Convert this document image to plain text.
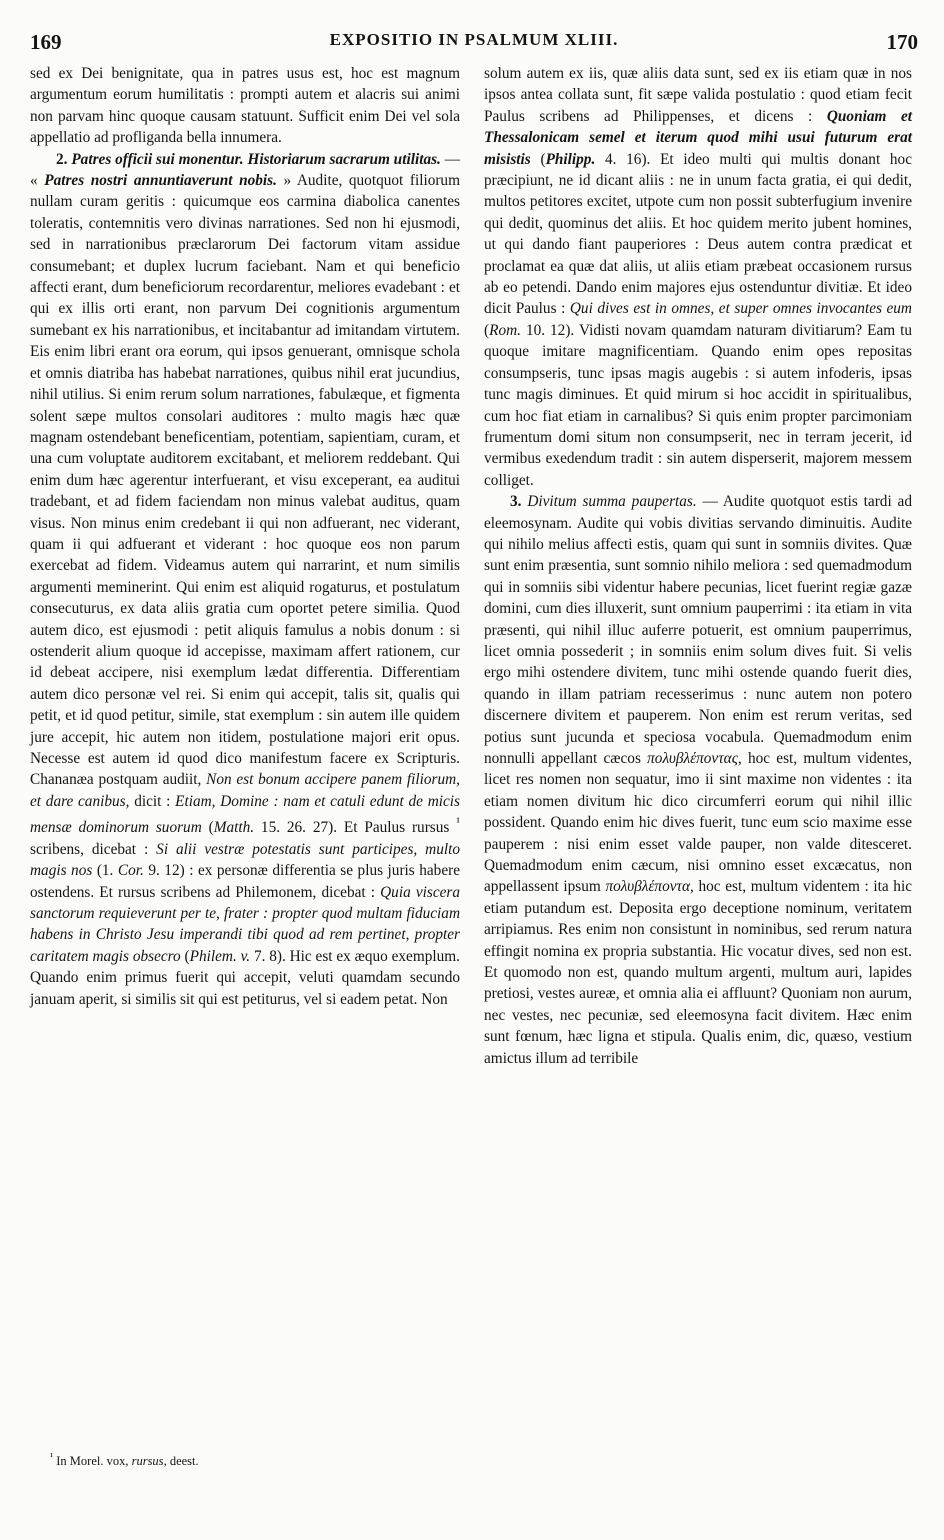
169	EXPOSITIO IN PSALMUM XLIII.	170

sed ex Dei benignitate, qua in patres usus est, hoc est magnum argumentum eorum humilitatis : prompti autem et alacris sui animi non parvam hinc quoque causam statuunt. Sufficit enim Dei vel sola appellatio ad profliganda bella innumera.

2. Patres officii sui monentur. Historiarum sacrarum utilitas. — « Patres nostri annuntiaverunt nobis. » Audite, quotquot filiorum nullam curam geritis : quicumque eos carmina diabolica canentes toleratis, contemnitis vero divinas narrationes. Sed non hi ejusmodi, sed in narrationibus præclarorum Dei factorum vitam assidue consumebant; et duplex lucrum faciebant. Nam et qui beneficio affecti erant, dum beneficiorum recordarentur, meliores evadebant : et qui ex illis orti erant, non parvum Dei cognitionis argumentum sumebant ex his narrationibus, et incitabantur ad imitandam virtutem. Eis enim libri erant ora eorum, qui ipsos genuerant, omnisque schola et omnis diatriba has habebat narrationes, quibus nihil erat jucundius, nihil utilius. Si enim rerum solum narrationes, fabulæque, et figmenta solent sæpe multos consolari auditores : multo magis hæc quæ magnam ostendebant beneficentiam, potentiam, sapientiam, curam, et una cum voluptate auditorem excitabant, et meliorem reddebant. Qui enim dum hæc agerentur interfuerant, et visu exceperant, ea auditui tradebant, et ad fidem faciendam non minus valebat auditus, quam visus. Non minus enim credebant ii qui non adfuerant, nec viderant, quam ii qui adfuerant et viderant : hoc quoque eos non parum exercebat ad fidem. Videamus autem qui narrarint, et num similis argumenti meminerint. Qui enim est aliquid rogaturus, et postulatum consecuturus, ex data aliis gratia cum oportet petere similia. Quod autem dico, est ejusmodi : petit aliquis famulus a nobis donum : si ostenderit alium quoque id accepisse, maximam affert rationem, cur id debeat accipere, nisi exemplum lædat differentia. Differentiam autem dico personæ vel rei. Si enim qui accepit, talis sit, qualis qui petit, et id quod petitur, simile, stat exemplum : sin autem ille quidem jure accepit, hic autem non itidem, postulatione majori erit opus. Necesse est autem id quod dico manifestum facere ex Scripturis. Chananæa postquam audiit, Non est bonum accipere panem filiorum, et dare canibus, dicit : Etiam, Domine : nam et catuli edunt de micis mensæ dominorum suorum (Matth. 15. 26. 27). Et Paulus rursus $^{^1}$ scribens, dicebat : Si alii vestræ potestatis sunt participes, multo magis nos (1. Cor. 9. 12) : ex personæ differentia se plus juris habere ostendens. Et rursus scribens ad Philemonem, dicebat : Quia viscera sanctorum requieverunt per te, frater : propter quod multam fiduciam habens in Christo Jesu imperandi tibi quod ad rem pertinet, propter caritatem magis obsecro (Philem. v. 7. 8). Hic est ex æquo exemplum. Quando enim primus fuerit qui accepit, veluti quamdam secundo januam aperit, si similis sit qui est petiturus, vel si eadem petat. Non

solum autem ex iis, quæ aliis data sunt, sed ex iis etiam quæ in nos ipsos antea collata sunt, fit sæpe valida postulatio : quod etiam fecit Paulus scribens ad Philippenses, et dicens : Quoniam et Thessalonicam semel et iterum quod mihi usui futurum erat misistis (Philipp. 4. 16). Et ideo multi qui multis donant hoc præcipiunt, ne id dicant aliis : ne in unum facta gratia, ei qui dedit, multos petitores excitet, utpote cum non possit subterfugium invenire qui dedit, quominus det aliis. Et hoc quidem merito jubent homines, ut qui dando fiant pauperiores : Deus autem contra prædicat et proclamat ea quæ dat aliis, ut aliis etiam præbeat occasionem rursus ab eo petendi. Dando enim majores ejus ostenduntur divitiæ. Et ideo dicit Paulus : Qui dives est in omnes, et super omnes invocantes eum (Rom. 10. 12). Vidisti novam quamdam naturam divitiarum? Eam tu quoque imitare magnificentiam. Quando enim opes repositas consumpseris, tunc ipsas magis augebis : si autem infoderis, ipsas tunc magis diminues. Et quid mirum si hoc accidit in spiritualibus, cum hoc fiat etiam in carnalibus? Si quis enim propter parcimoniam frumentum domi situm non consumpserit, nec in terram jecerit, id vermibus exedendum tradit : sin autem disperserit, majorem messem colliget.

3. Divitum summa paupertas. — Audite quotquot estis tardi ad eleemosynam. Audite qui vobis divitias servando diminuitis. Audite qui nihilo melius affecti estis, quam qui sunt in somniis divites. Quæ sunt enim præsentia, sunt somnio nihilo meliora : sed quemadmodum qui in somniis sibi videntur habere pecunias, licet fuerint regiæ gazæ domini, cum dies illuxerit, sunt omnium pauperrimi : ita etiam in vita præsenti, qui nihil illuc auferre potuerit, est omnium pauperrimus, licet omnia possederit ; in somniis enim solum dives fuit. Si velis ergo mihi ostendere divitem, tunc mihi ostende quando fuerit dies, quando in illam patriam recesserimus : nunc autem non potero discernere divitem et pauperem. Non enim est rerum veritas, sed potius sunt jucunda et speciosa vocabula. Quemadmodum enim nonnulli appellant cæcos πολυβλέποντας, hoc est, multum videntes, licet res nomen non sequatur, imo ii sint maxime non videntes : ita etiam nomen divitum hic dico circumferri eorum qui nihil illic possident. Quando enim hic dives fuerit, tunc eum scio maxime esse pauperem : nisi enim esset valde pauper, non valde ditesceret. Quemadmodum enim cæcum, nisi omnino esset excæcatus, non appellassent ipsum πολυβλέποντα, hoc est, multum videntem : ita hic etiam putandum est. Deposita ergo deceptione nominum, veritatem arripiamus. Res enim non consistunt in nominibus, sed rerum natura effingit nomina ex propria substantia. Hic vocatur dives, sed non est. Et quomodo non est, quando multum argenti, multum auri, lapides pretiosi, vestes aureæ, et omnia alia ei affluunt? Quoniam non aurum, nec vestes, nec pecuniæ, sed eleemosyna facit divitem. Hæc enim sunt fœnum, hæc ligna et stipula. Qualis enim, dic, quæso, vestium amictus illum ad terribile

$^{^1}$ In Morel. vox, rursus, deest.
